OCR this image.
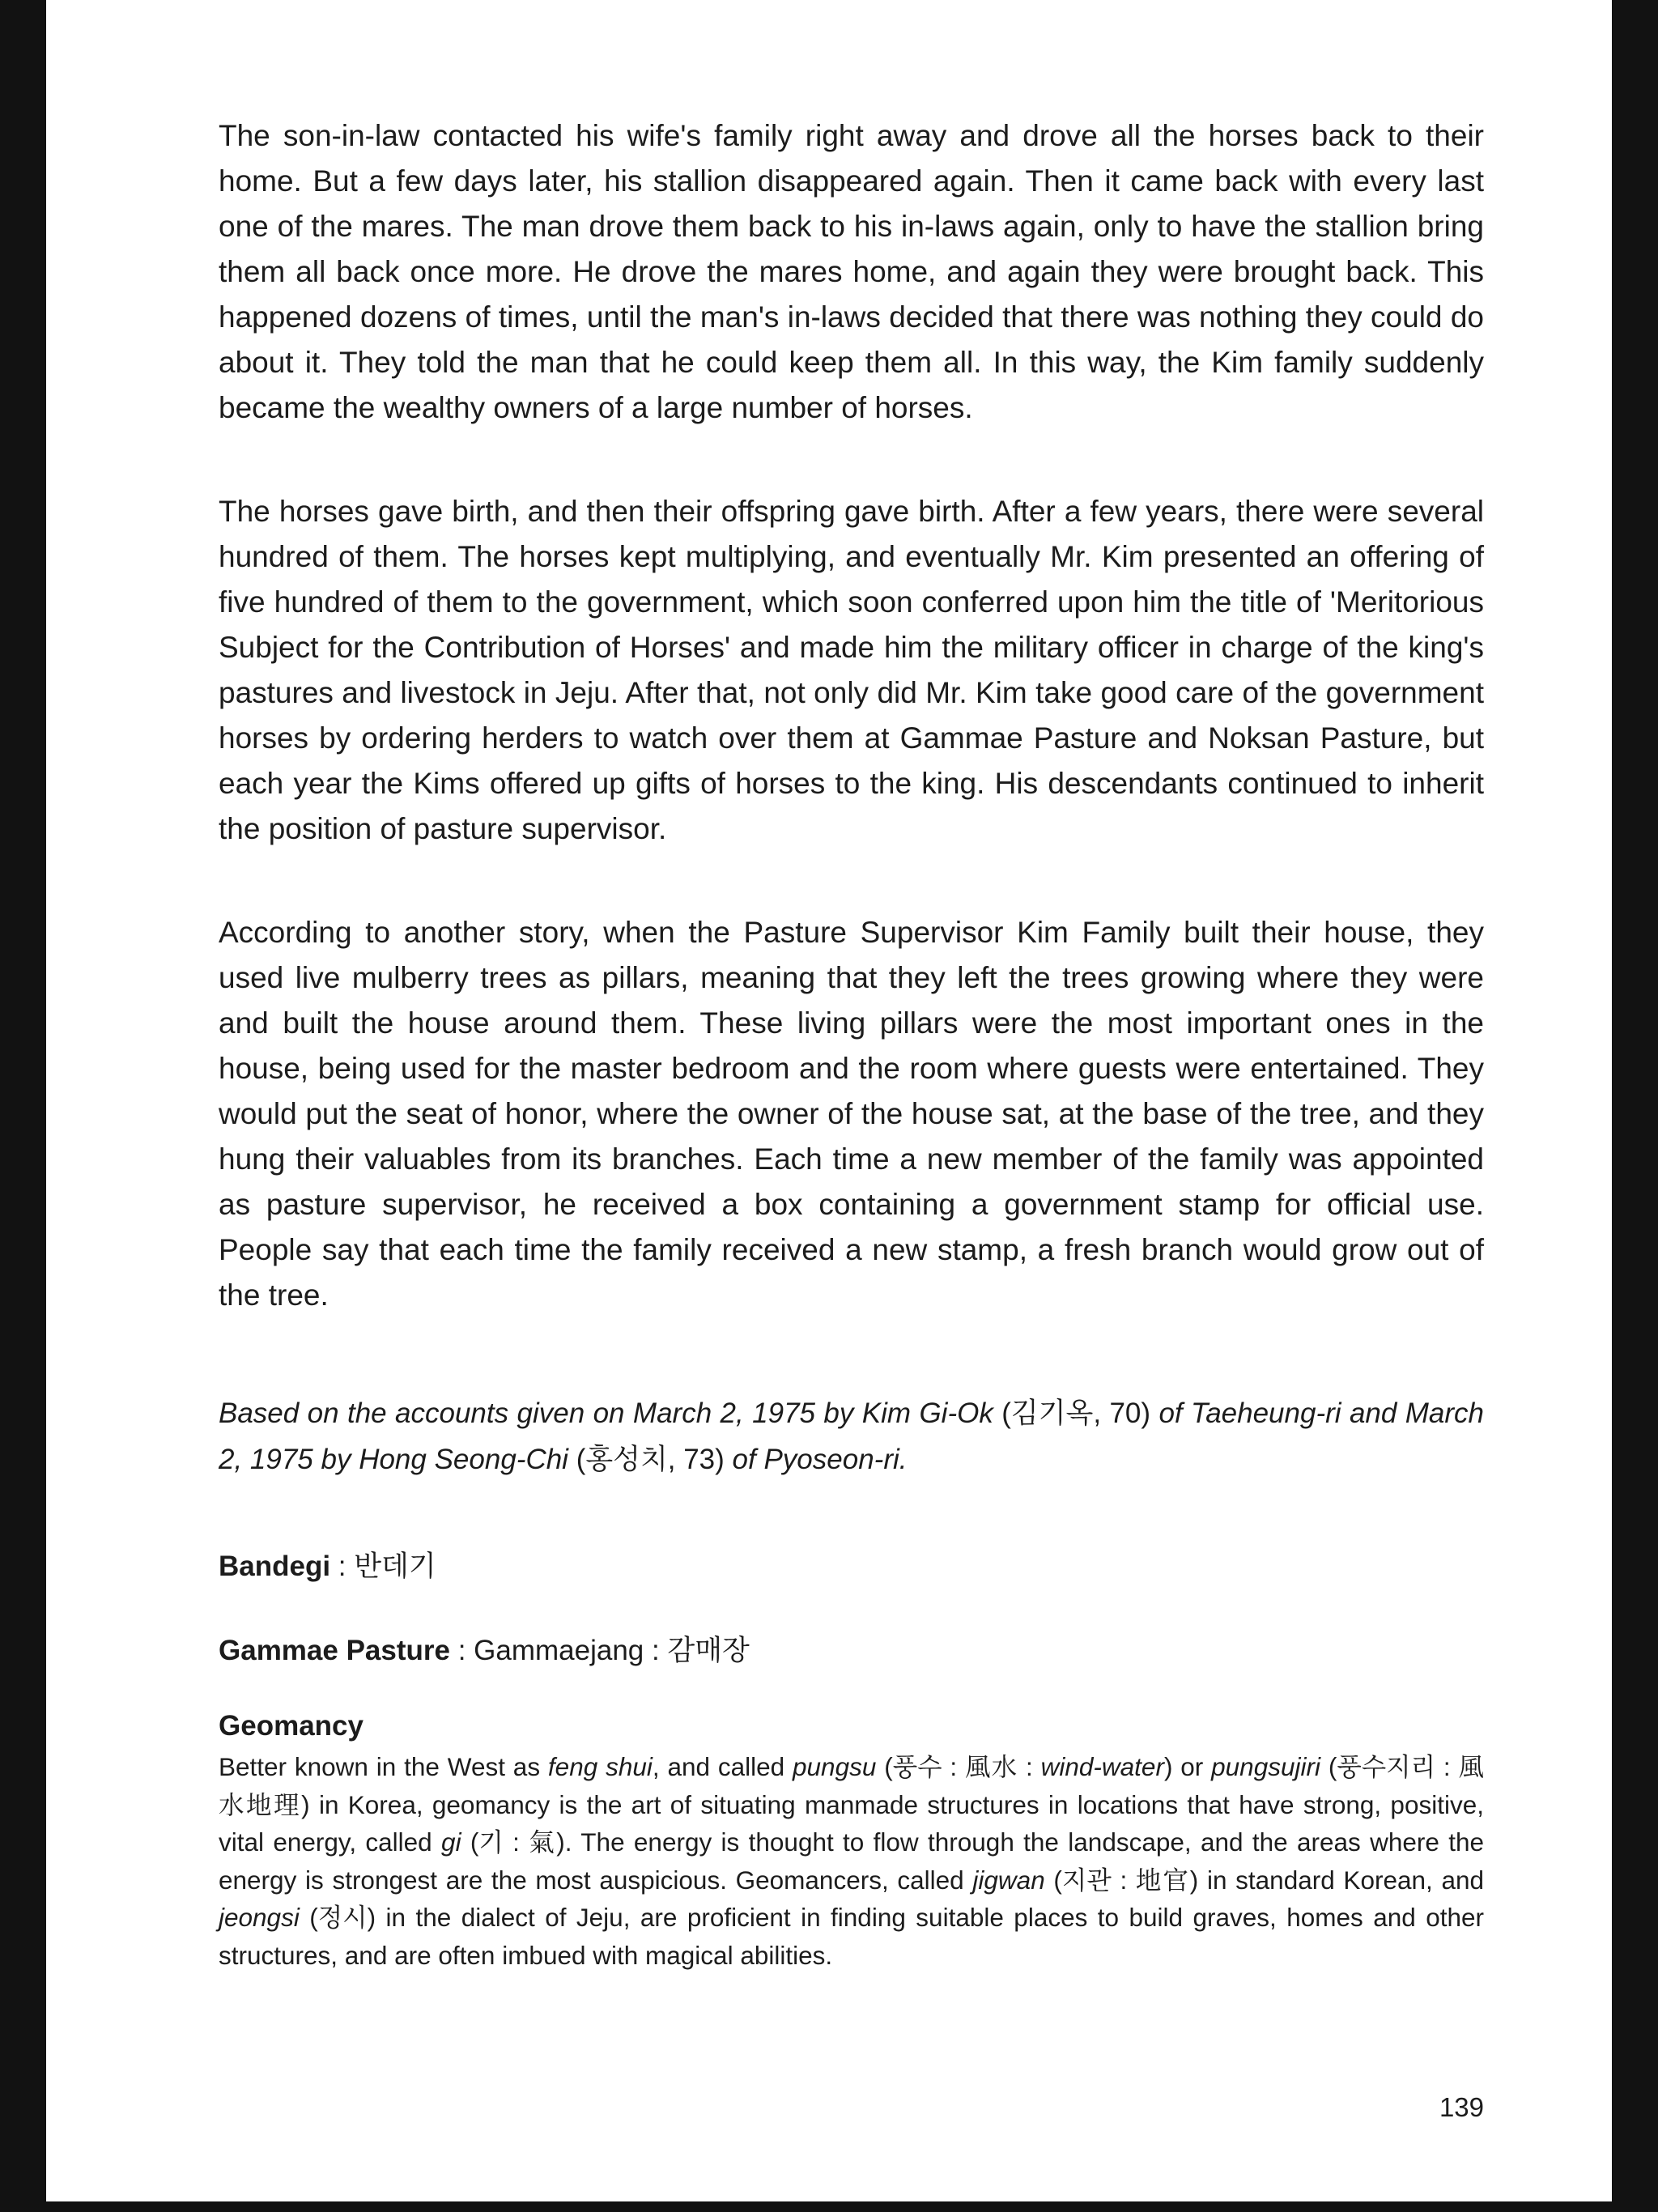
The son-in-law contacted his wife's family right away and drove all the horses back to their home. But a few days later, his stallion disappeared again. Then it came back with every last one of the mares. The man drove them back to his in-laws again, only to have the stallion bring them all back once more. He drove the mares home, and again they were brought back. This happened dozens of times, until the man's in-laws decided that there was nothing they could do about it. They told the man that he could keep them all. In this way, the Kim family suddenly became the wealthy owners of a large number of horses.

The horses gave birth, and then their offspring gave birth. After a few years, there were several hundred of them. The horses kept multiplying, and eventually Mr. Kim presented an offering of five hundred of them to the government, which soon conferred upon him the title of 'Meritorious Subject for the Contribution of Horses' and made him the military officer in charge of the king's pastures and livestock in Jeju. After that, not only did Mr. Kim take good care of the government horses by ordering herders to watch over them at Gammae Pasture and Noksan Pasture, but each year the Kims offered up gifts of horses to the king. His descendants continued to inherit the position of pasture supervisor.

According to another story, when the Pasture Supervisor Kim Family built their house, they used live mulberry trees as pillars, meaning that they left the trees growing where they were and built the house around them. These living pillars were the most important ones in the house, being used for the master bedroom and the room where guests were entertained. They would put the seat of honor, where the owner of the house sat, at the base of the tree, and they hung their valuables from its branches. Each time a new member of the family was appointed as pasture supervisor, he received a box containing a government stamp for official use. People say that each time the family received a new stamp, a fresh branch would grow out of the tree.

Based on the accounts given on March 2, 1975 by Kim Gi-Ok (김기옥, 70) of Taeheung-ri and March 2, 1975 by Hong Seong-Chi (홍성치, 73) of Pyoseon-ri.

Bandegi : 반데기

Gammae Pasture : Gammaejang : 감매장

Geomancy

Better known in the West as feng shui, and called pungsu (풍수 : 風水 : wind-water) or pungsujiri (풍수지리 : 風水地理) in Korea, geomancy is the art of situating manmade structures in locations that have strong, positive, vital energy, called gi (기 : 氣). The energy is thought to flow through the landscape, and the areas where the energy is strongest are the most auspicious. Geomancers, called jigwan (지관 : 地官) in standard Korean, and jeongsi (정시) in the dialect of Jeju, are proficient in finding suitable places to build graves, homes and other structures, and are often imbued with magical abilities.

139
